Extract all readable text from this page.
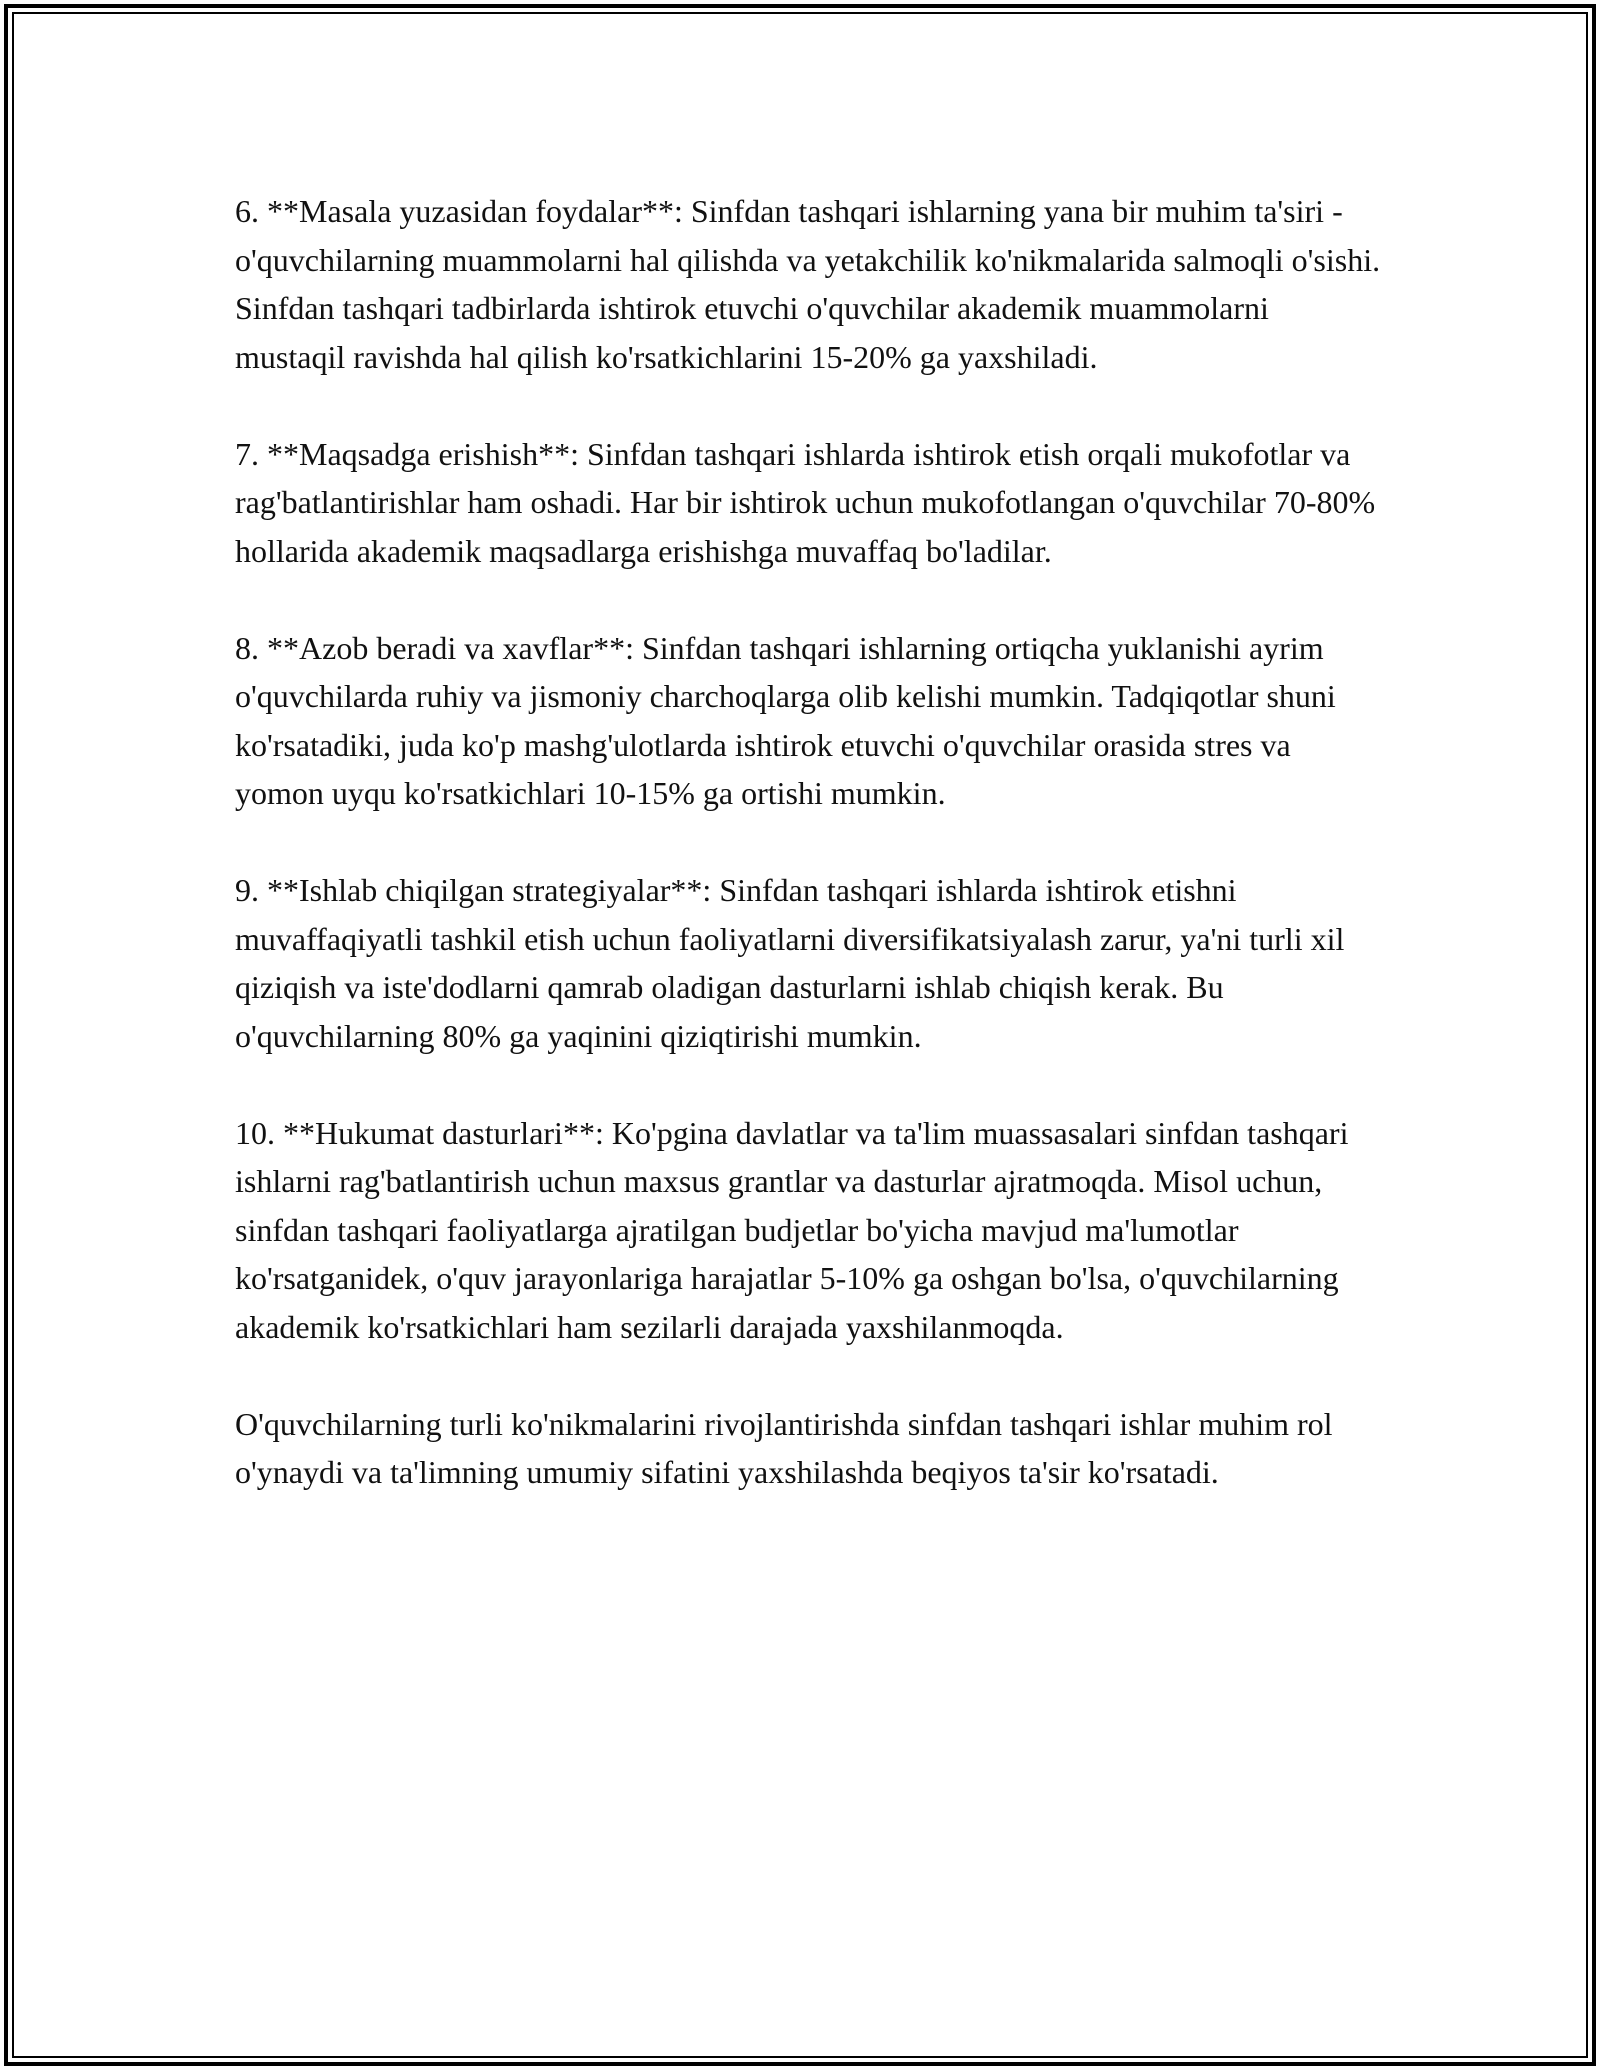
6. **Masala yuzasidan foydalar**: Sinfdan tashqari ishlarning yana bir muhim ta'siri - o'quvchilarning muammolarni hal qilishda va yetakchilik ko'nikmalarida salmoqli o'sishi. Sinfdan tashqari tadbirlarda ishtirok etuvchi o'quvchilar akademik muammolarni mustaqil ravishda hal qilish ko'rsatkichlarini 15-20% ga yaxshiladi.

7. **Maqsadga erishish**: Sinfdan tashqari ishlarda ishtirok etish orqali mukofotlar va rag'batlantirishlar ham oshadi. Har bir ishtirok uchun mukofotlangan o'quvchilar 70-80% hollarida akademik maqsadlarga erishishga muvaffaq bo'ladilar.

8. **Azob beradi va xavflar**: Sinfdan tashqari ishlarning ortiqcha yuklanishi ayrim o'quvchilarda ruhiy va jismoniy charchoqlarga olib kelishi mumkin. Tadqiqotlar shuni ko'rsatadiki, juda ko'p mashg'ulotlarda ishtirok etuvchi o'quvchilar orasida stres va yomon uyqu ko'rsatkichlari 10-15% ga ortishi mumkin.

9. **Ishlab chiqilgan strategiyalar**: Sinfdan tashqari ishlarda ishtirok etishni muvaffaqiyatli tashkil etish uchun faoliyatlarni diversifikatsiyalash zarur, ya'ni turli xil qiziqish va iste'dodlarni qamrab oladigan dasturlarni ishlab chiqish kerak. Bu o'quvchilarning 80% ga yaqinini qiziqtirishi mumkin.

10. **Hukumat dasturlari**: Ko'pgina davlatlar va ta'lim muassasalari sinfdan tashqari ishlarni rag'batlantirish uchun maxsus grantlar va dasturlar ajratmoqda. Misol uchun, sinfdan tashqari faoliyatlarga ajratilgan budjetlar bo'yicha mavjud ma'lumotlar ko'rsatganidek, o'quv jarayonlariga harajatlar 5-10% ga oshgan bo'lsa, o'quvchilarning akademik ko'rsatkichlari ham sezilarli darajada yaxshilanmoqda.

O'quvchilarning turli ko'nikmalarini rivojlantirishda sinfdan tashqari ishlar muhim rol o'ynaydi va ta'limning umumiy sifatini yaxshilashda beqiyos ta'sir ko'rsatadi.
